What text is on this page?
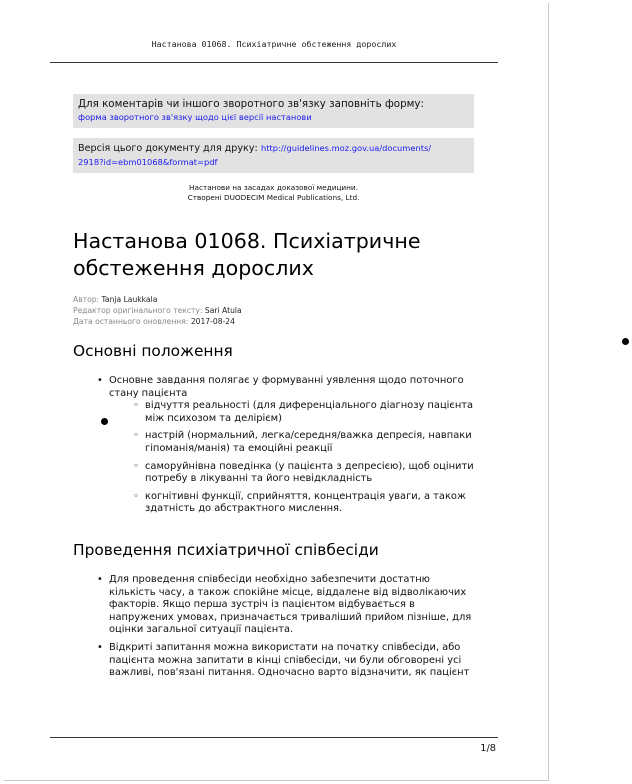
Настанова 01068. Психіатричне обстеження дорослих
Для коментарів чи іншого зворотного зв'язку заповніть форму:
форма зворотного зв'язку щодо цієї версії настанови
Версія цього документу для друку: http://guidelines.moz.gov.ua/documents/
2918?id=ebm01068&format=pdf
Настанови на засадах доказової медицини.
Створені DUODECIM Medical Publications, Ltd.
Настанова 01068. Психіатричне
обстеження дорослих
Автор: Tanja Laukkala
Редактор оригінального тексту: Sari Atula
Дата останнього оновлення: 2017-08-24
Основні положення
• Основне завдання полягає у формуванні уявлення щодо поточного стану пацієнта
◦ відчуття реальності (для диференціального діагнозу пацієнта між психозом та делірієм)
◦ настрій (нормальний, легка/середня/важка депресія, навпаки гіпоманія/манія) та емоційні реакції
◦ саморуйнівна поведінка (у пацієнта з депресією), щоб оцінити потребу в лікуванні та його невідкладність
◦ когнітивні функції, сприйняття, концентрація уваги, а також здатність до абстрактного мислення.
Проведення психіатричної співбесіди
• Для проведення співбесіди необхідно забезпечити достатню кількість часу, а також спокійне місце, віддалене від відволікаючих факторів. Якщо перша зустріч із пацієнтом відбувається в напружених умовах, призначається триваліший прийом пізніше, для оцінки загальної ситуації пацієнта.
• Відкриті запитання можна використати на початку співбесіди, або пацієнта можна запитати в кінці співбесіди, чи були обговорені усі важливі, пов'язані питання. Одночасно варто відзначити, як пацієнт
1/8
